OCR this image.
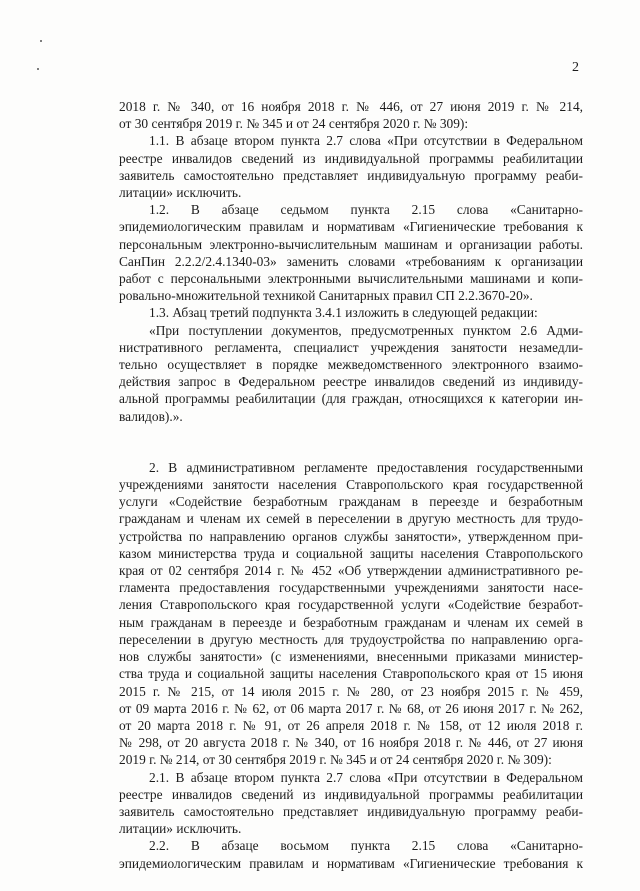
2
2018 г. № 340, от 16 ноября 2018 г. № 446, от 27 июня 2019 г. № 214,
от 30 сентября 2019 г. № 345 и от 24 сентября 2020 г. № 309):
1.1. В абзаце втором пункта 2.7 слова «При отсутствии в Федеральном
реестре инвалидов сведений из индивидуальной программы реабилитации
заявитель самостоятельно представляет индивидуальную программу реаби-
литации» исключить.
1.2. В абзаце седьмом пункта 2.15 слова «Санитарно-
эпидемиологическим правилам и нормативам «Гигиенические требования к
персональным электронно-вычислительным машинам и организации работы.
СанПин 2.2.2/2.4.1340-03» заменить словами «требованиям к организации
работ с персональными электронными вычислительными машинами и копи-
ровально-множительной техникой Санитарных правил СП 2.2.3670-20».
1.3. Абзац третий подпункта 3.4.1 изложить в следующей редакции:
«При поступлении документов, предусмотренных пунктом 2.6 Адми-
нистративного регламента, специалист учреждения занятости незамедли-
тельно осуществляет в порядке межведомственного электронного взаимо-
действия запрос в Федеральном реестре инвалидов сведений из индивиду-
альной программы реабилитации (для граждан, относящихся к категории ин-
валидов).».
2. В административном регламенте предоставления государственными
учреждениями занятости населения Ставропольского края государственной
услуги «Содействие безработным гражданам в переезде и безработным
гражданам и членам их семей в переселении в другую местность для трудо-
устройства по направлению органов службы занятости», утвержденном при-
казом министерства труда и социальной защиты населения Ставропольского
края от 02 сентября 2014 г. № 452 «Об утверждении административного ре-
гламента предоставления государственными учреждениями занятости насе-
ления Ставропольского края государственной услуги «Содействие безработ-
ным гражданам в переезде и безработным гражданам и членам их семей в
переселении в другую местность для трудоустройства по направлению орга-
нов службы занятости» (с изменениями, внесенными приказами министер-
ства труда и социальной защиты населения Ставропольского края от 15 июня
2015 г. № 215, от 14 июля 2015 г. № 280, от 23 ноября 2015 г. № 459,
от 09 марта 2016 г. № 62, от 06 марта 2017 г. № 68, от 26 июня 2017 г. № 262,
от 20 марта 2018 г. № 91, от 26 апреля 2018 г. № 158, от 12 июля 2018 г.
№ 298, от 20 августа 2018 г. № 340, от 16 ноября 2018 г. № 446, от 27 июня
2019 г. № 214, от 30 сентября 2019 г. № 345 и от 24 сентября 2020 г. № 309):
2.1. В абзаце втором пункта 2.7 слова «При отсутствии в Федеральном
реестре инвалидов сведений из индивидуальной программы реабилитации
заявитель самостоятельно представляет индивидуальную программу реаби-
литации» исключить.
2.2. В абзаце восьмом пункта 2.15 слова «Санитарно-
эпидемиологическим правилам и нормативам «Гигиенические требования к
